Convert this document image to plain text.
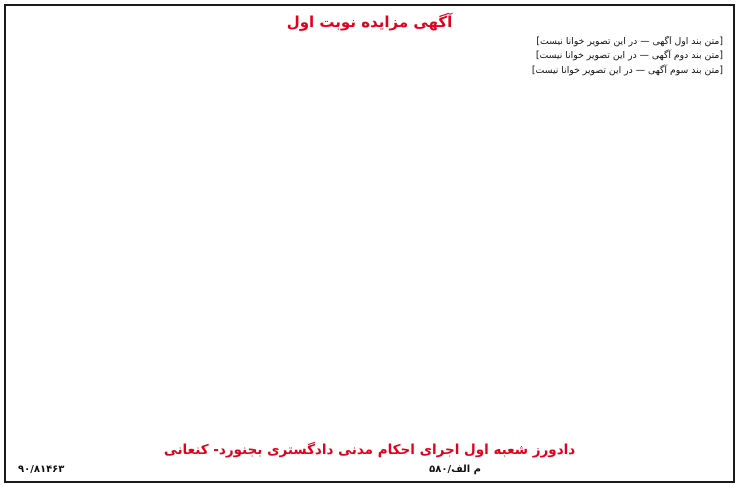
آگهی مزایده نوبت اول

[متن بند اول آگهی — در این تصویر خوانا نیست]

[متن بند دوم آگهی — در این تصویر خوانا نیست]

[متن بند سوم آگهی — در این تصویر خوانا نیست]

دادورز شعبه اول اجرای احکام مدنی دادگستری بجنورد- کنعانی
۹۰/۸۱۴۶۳	م الف/۵۸۰
